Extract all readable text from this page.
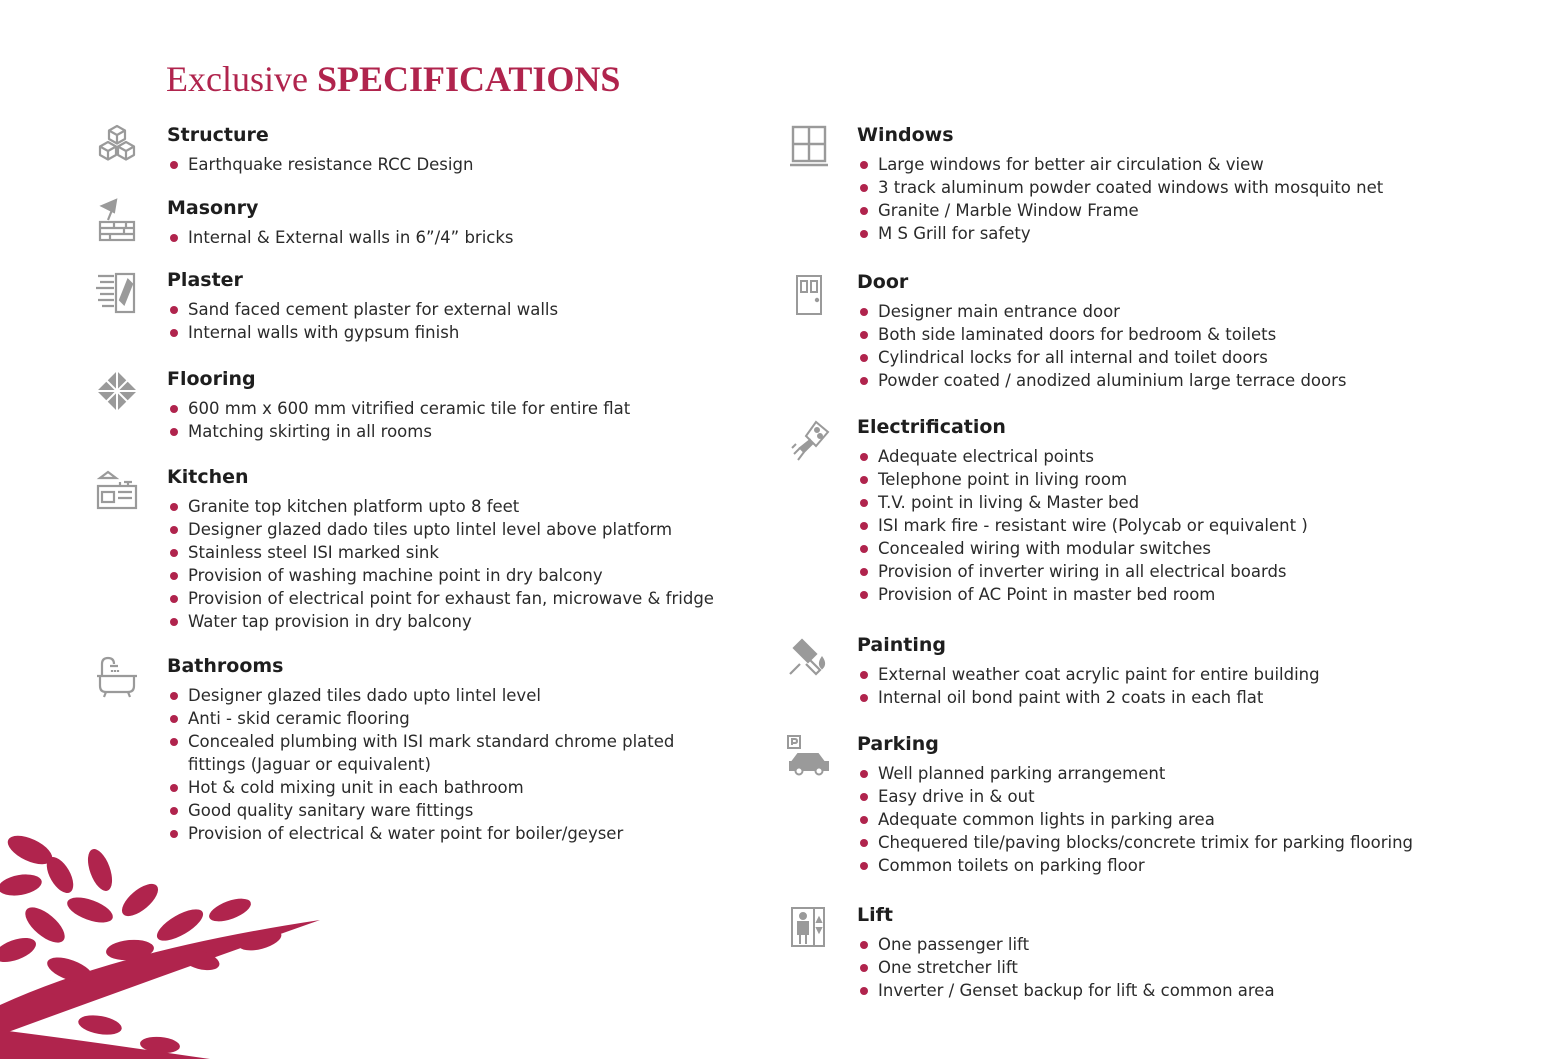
Exclusive SPECIFICATIONS
Structure
Earthquake resistance RCC Design
Masonry
Internal & External walls in 6”/4” bricks
Plaster
Sand faced cement plaster for external walls
Internal walls with gypsum finish
Flooring
600 mm x 600 mm vitrified ceramic tile for entire flat
Matching skirting in all rooms
Kitchen
Granite top kitchen platform upto 8 feet
Designer glazed dado tiles upto lintel level above platform
Stainless steel ISI marked sink
Provision of washing machine point in dry balcony
Provision of electrical point for exhaust fan, microwave & fridge
Water tap provision in dry balcony
Bathrooms
Designer glazed tiles dado upto lintel level
Anti - skid ceramic flooring
Concealed plumbing with ISI mark standard chrome plated fittings (Jaguar or equivalent)
Hot & cold mixing unit in each bathroom
Good quality sanitary ware fittings
Provision of electrical & water point for boiler/geyser
Windows
Large windows for better air circulation & view
3 track aluminum powder coated windows with mosquito net
Granite / Marble Window Frame
M S Grill for safety
Door
Designer main entrance door
Both side laminated doors for bedroom & toilets
Cylindrical locks for all internal and toilet doors
Powder coated / anodized aluminium large terrace doors
Electrification
Adequate electrical points
Telephone point in living room
T.V. point in living & Master bed
ISI mark fire - resistant wire (Polycab or equivalent )
Concealed wiring with modular switches
Provision of inverter wiring in all electrical boards
Provision of AC Point in master bed room
Painting
External weather coat acrylic paint for entire building
Internal oil bond paint with 2 coats in each flat
Parking
Well planned parking arrangement
Easy drive in & out
Adequate common lights in parking area
Chequered tile/paving blocks/concrete trimix for parking flooring
Common toilets on parking floor
Lift
One passenger lift
One stretcher lift
Inverter / Genset backup for lift & common area
